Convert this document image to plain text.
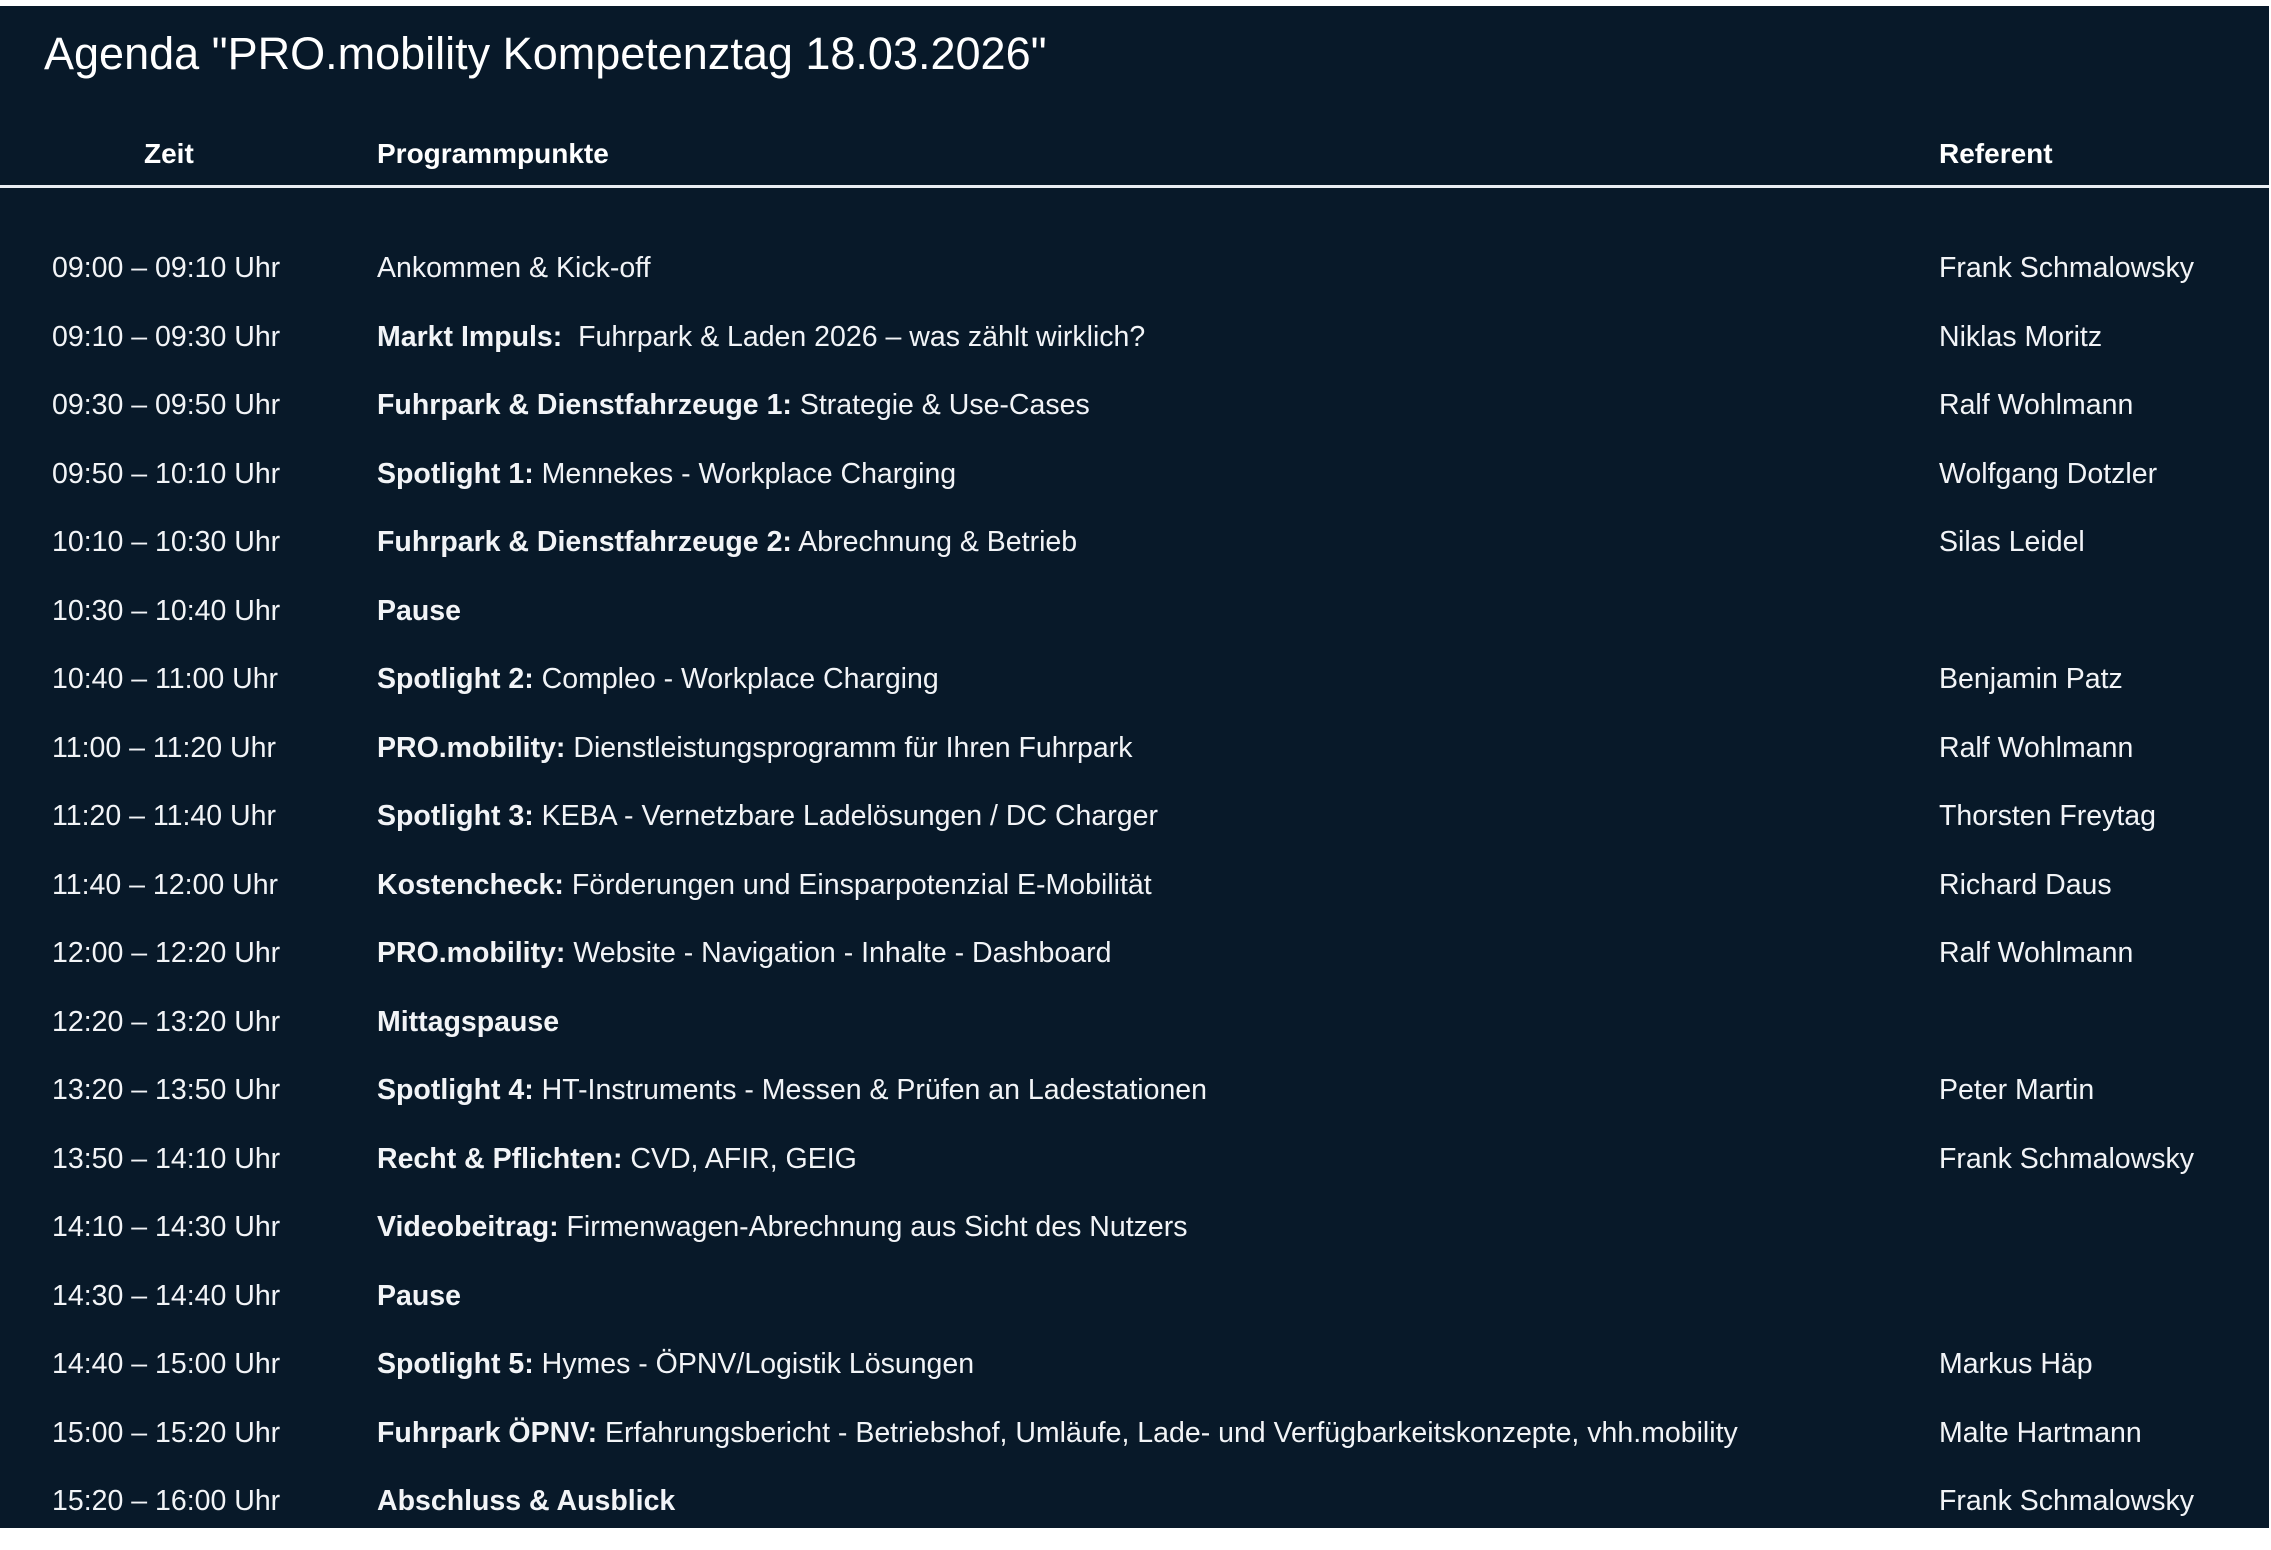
Agenda "PRO.mobility Kompetenztag 18.03.2026"
Zeit	Programmpunkte	Referent
09:00 – 09:10 Uhr	Ankommen & Kick-off	Frank Schmalowsky
09:10 – 09:30 Uhr	Markt Impuls:  Fuhrpark & Laden 2026 – was zählt wirklich?	Niklas Moritz
09:30 – 09:50 Uhr	Fuhrpark & Dienstfahrzeuge 1: Strategie & Use-Cases	Ralf Wohlmann
09:50 – 10:10 Uhr	Spotlight 1: Mennekes - Workplace Charging	Wolfgang Dotzler
10:10 – 10:30 Uhr	Fuhrpark & Dienstfahrzeuge 2: Abrechnung & Betrieb	Silas Leidel
10:30 – 10:40 Uhr	Pause
10:40 – 11:00 Uhr	Spotlight 2: Compleo - Workplace Charging	Benjamin Patz
11:00 – 11:20 Uhr	PRO.mobility: Dienstleistungsprogramm für Ihren Fuhrpark	Ralf Wohlmann
11:20 – 11:40 Uhr	Spotlight 3: KEBA - Vernetzbare Ladelösungen / DC Charger	Thorsten Freytag
11:40 – 12:00 Uhr	Kostencheck: Förderungen und Einsparpotenzial E-Mobilität	Richard Daus
12:00 – 12:20 Uhr	PRO.mobility: Website - Navigation - Inhalte - Dashboard	Ralf Wohlmann
12:20 – 13:20 Uhr	Mittagspause
13:20 – 13:50 Uhr	Spotlight 4: HT-Instruments - Messen & Prüfen an Ladestationen	Peter Martin
13:50 – 14:10 Uhr	Recht & Pflichten: CVD, AFIR, GEIG	Frank Schmalowsky
14:10 – 14:30 Uhr	Videobeitrag: Firmenwagen-Abrechnung aus Sicht des Nutzers
14:30 – 14:40 Uhr	Pause
14:40 – 15:00 Uhr	Spotlight 5: Hymes - ÖPNV/Logistik Lösungen	Markus Häp
15:00 – 15:20 Uhr	Fuhrpark ÖPNV: Erfahrungsbericht - Betriebshof, Umläufe, Lade- und Verfügbarkeitskonzepte, vhh.mobility	Malte Hartmann
15:20 – 16:00 Uhr	Abschluss & Ausblick	Frank Schmalowsky
